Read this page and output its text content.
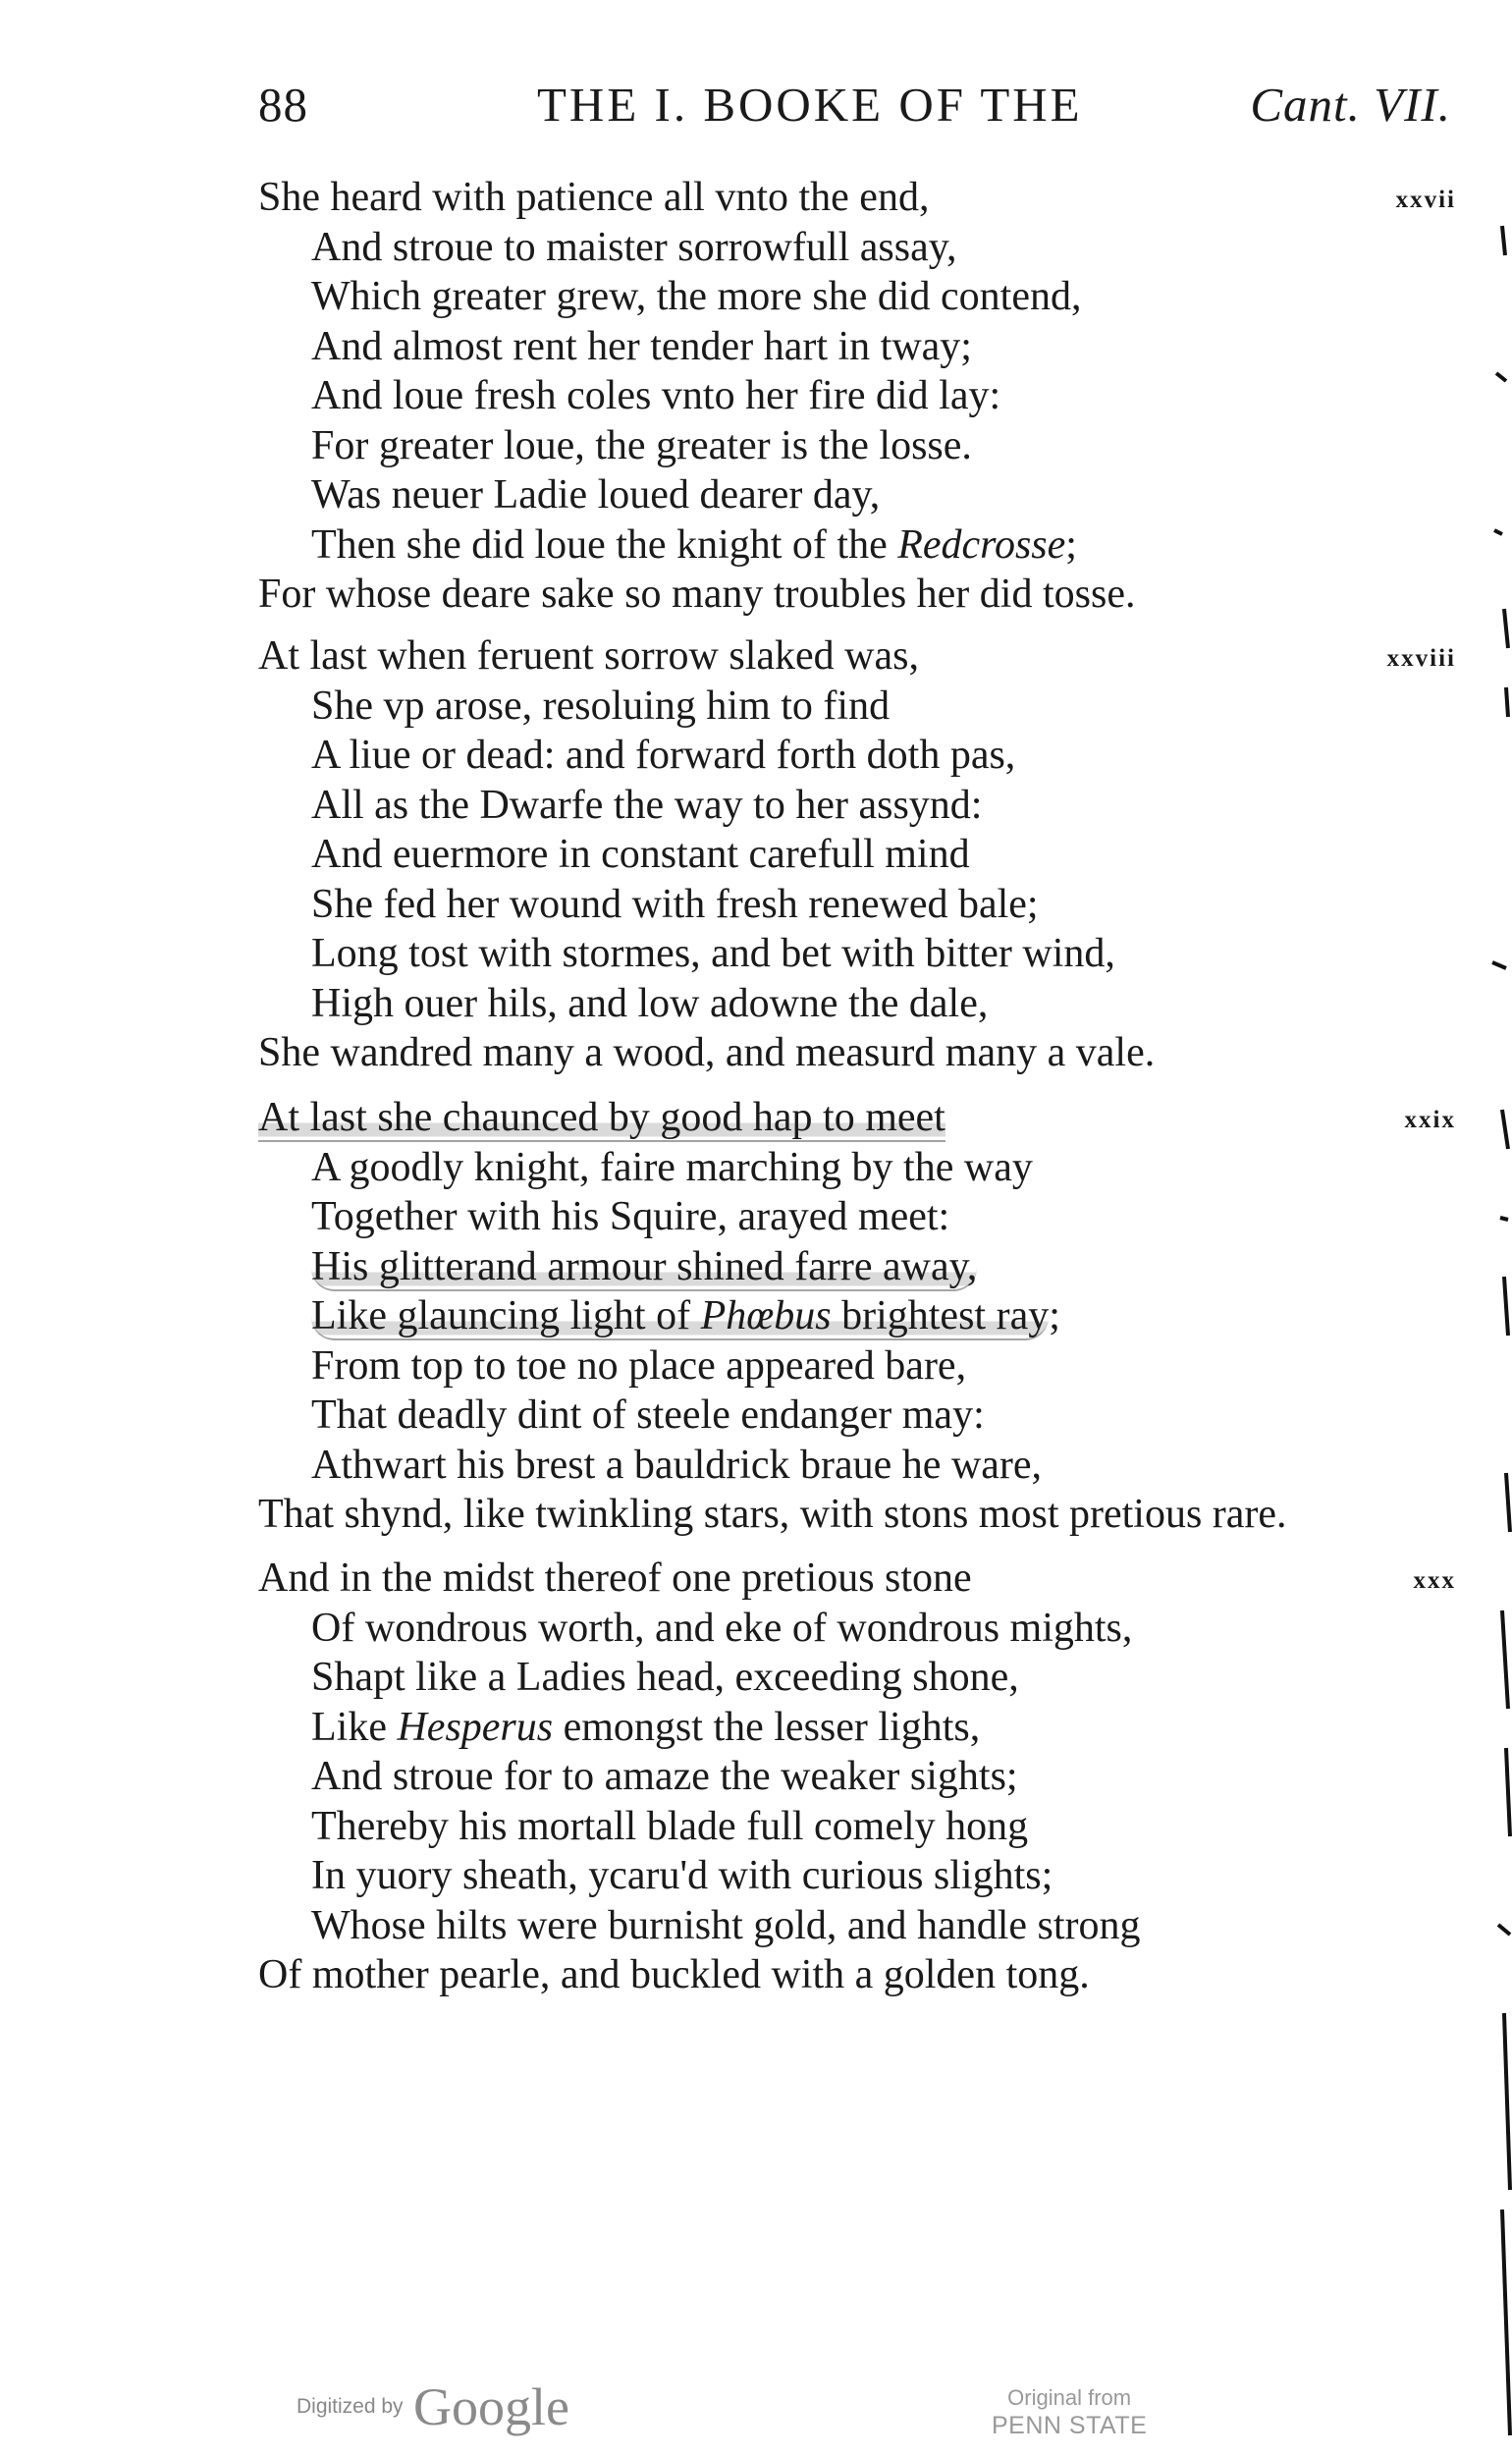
88	THE I. BOOKE OF THE	Cant. VII.
xxvii
She heard with patience all vnto the end,
And stroue to maister sorrowfull assay,
Which greater grew, the more she did contend,
And almost rent her tender hart in tway;
And loue fresh coles vnto her fire did lay:
For greater loue, the greater is the losse.
Was neuer Ladie loued dearer day,
Then she did loue the knight of the Redcrosse;
For whose deare sake so many troubles her did tosse.
xxviii
At last when feruent sorrow slaked was,
She vp arose, resoluing him to find
A liue or dead: and forward forth doth pas,
All as the Dwarfe the way to her assynd:
And euermore in constant carefull mind
She fed her wound with fresh renewed bale;
Long tost with stormes, and bet with bitter wind,
High ouer hils, and low adowne the dale,
She wandred many a wood, and measurd many a vale.
xxix
At last she chaunced by good hap to meet
A goodly knight, faire marching by the way
Together with his Squire, arayed meet:
His glitterand armour shined farre away,
Like glauncing light of Phœbus brightest ray;
From top to toe no place appeared bare,
That deadly dint of steele endanger may:
Athwart his brest a bauldrick braue he ware,
That shynd, like twinkling stars, with stons most pretious rare.
xxx
And in the midst thereof one pretious stone
Of wondrous worth, and eke of wondrous mights,
Shapt like a Ladies head, exceeding shone,
Like Hesperus emongst the lesser lights,
And stroue for to amaze the weaker sights;
Thereby his mortall blade full comely hong
In yuory sheath, ycaru'd with curious slights;
Whose hilts were burnisht gold, and handle strong
Of mother pearle, and buckled with a golden tong.
Digitized by Google	Original from
PENN STATE
